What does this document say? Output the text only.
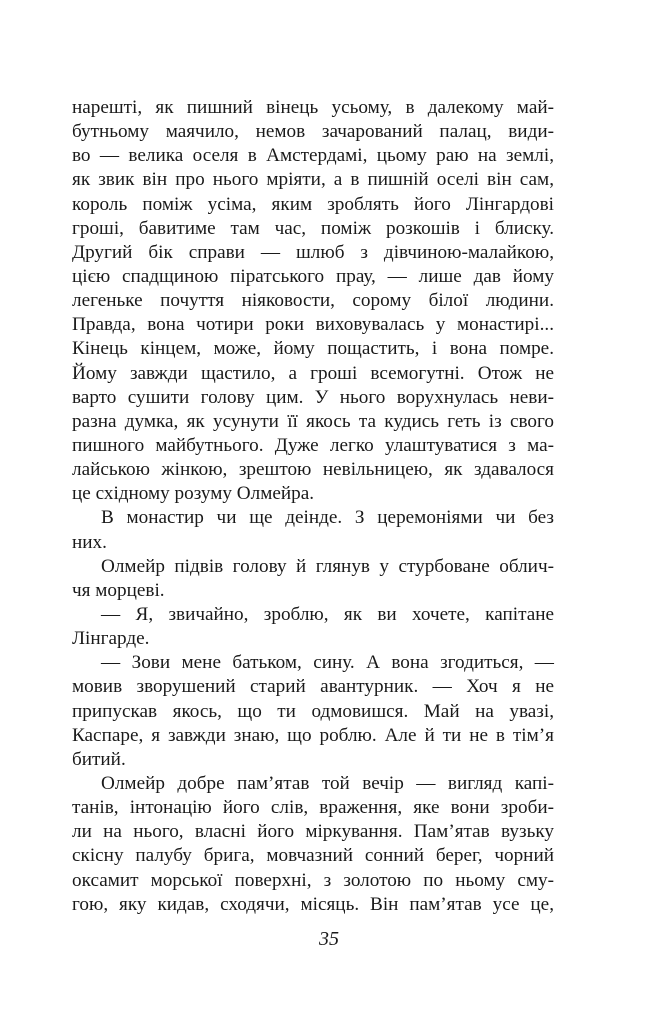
нарешті, як пишний вінець усьому, в далекому май-
бутньому маячило, немов зачарований палац, види-
во — велика оселя в Амстердамі, цьому раю на землі,
як звик він про нього мріяти, а в пишній оселі він сам,
король поміж усіма, яким зроблять його Лінгардові
гроші, бавитиме там час, поміж розкошів і блиску.
Другий бік справи — шлюб з дівчиною-малайкою,
цією спадщиною піратського прау, — лише дав йому
легеньке почуття ніяковости, сорому білої людини.
Правда, вона чотири роки виховувалась у монастирі...
Кінець кінцем, може, йому пощастить, і вона помре.
Йому завжди щастило, а гроші всемогутні. Отож не
варто сушити голову цим. У нього ворухнулась неви-
разна думка, як усунути її якось та кудись геть із свого
пишного майбутнього. Дуже легко улаштуватися з ма-
лайською жінкою, зрештою невільницею, як здавалося
це східному розуму Олмейра.
В монастир чи ще деінде. З церемоніями чи без
них.
Олмейр підвів голову й глянув у стурбоване облич-
чя морцеві.
— Я, звичайно, зроблю, як ви хочете, капітане
Лінгарде.
— Зови мене батьком, сину. А вона згодиться, —
мовив зворушений старий авантурник. — Хоч я не
припускав якось, що ти одмовишся. Май на увазі,
Каспаре, я завжди знаю, що роблю. Але й ти не в тім’я
битий.
Олмейр добре пам’ятав той вечір — вигляд капі-
танів, інтонацію його слів, враження, яке вони зроби-
ли на нього, власні його міркування. Пам’ятав вузьку
скісну палубу брига, мовчазний сонний берег, чорний
оксамит морської поверхні, з золотою по ньому сму-
гою, яку кидав, сходячи, місяць. Він пам’ятав усе це,
35
